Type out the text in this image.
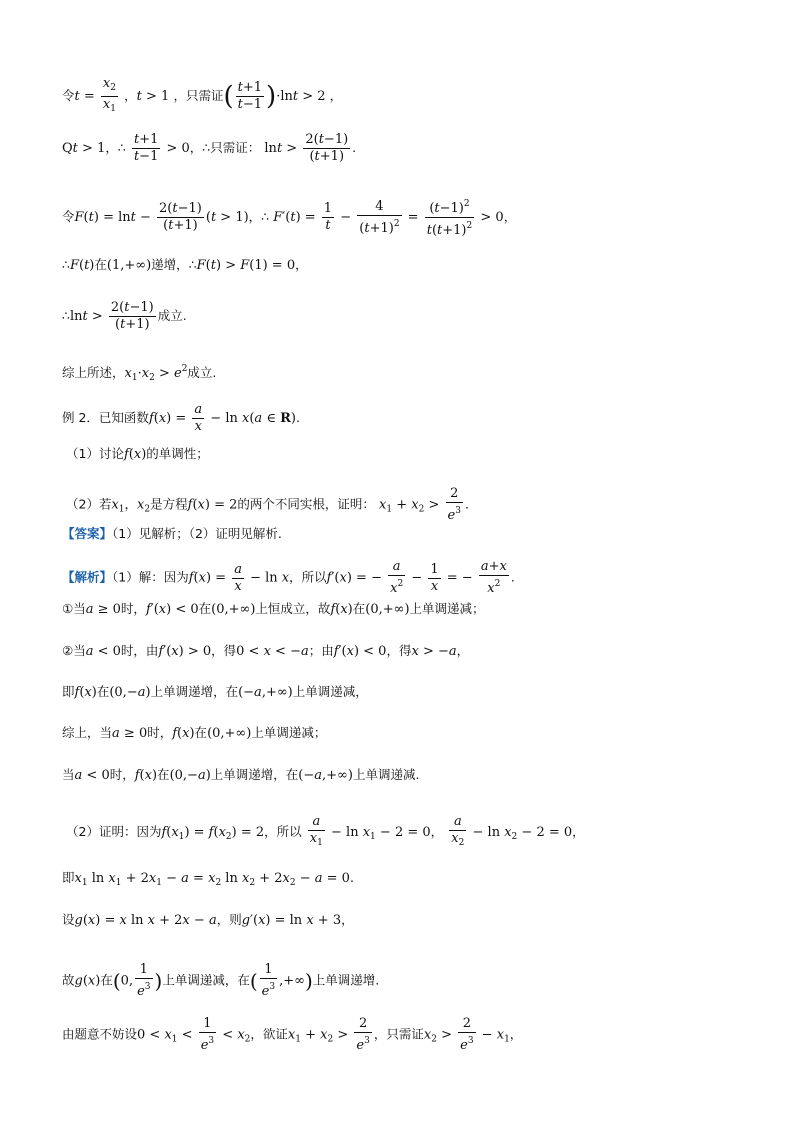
令$t = \frac{x_2}{x_1}$ ，t > 1 ，只需证( $\frac{t+1}{t-1} )\cdot\ln t > 2$ ，
Qt > 1，∴ $\frac{t+1}{t-1} > 0$，∴只需证： $\ln t > \frac{2(t-1)}{(t+1)}$ .
令$F(t) = \ln t - \frac{2(t-1)}{(t+1)} (t > 1)$，∴ $F'(t) = \frac{1}{t} - \frac{4}{(t+1)^2} = \frac{(t-1)^2}{t(t+1)^2} > 0$，
∴F(t)在(1,+∞)递增，∴F(t) > F(1) = 0，
∴lnt > $\frac{2(t-1)}{(t+1)}$ 成立.
综上所述，$x_1\cdot x_2 > e^2$成立.
例 2．已知函数$f(x) = \frac{a}{x} - \ln x(a$ ∈ R).
（1）讨论f(x)的单调性；
（2）若$x_1$，$x_2$是方程f(x) = 2的两个不同实根，证明： $x_1 + x_2 > \frac{2}{e^3}$ .
【答案】（1）见解析；（2）证明见解析.
【解析】（1）解：因为$f(x) = \frac{a}{x} - \ln x$，所以f′(x) = − $\frac{a}{x^2} - \frac{1}{x}$ = − $\frac{a+x}{x^2}$ .
①当a ≥ 0时，f′(x) < 0在(0,+∞)上恒成立，故f(x)在(0,+∞)上单调递减；
②当a < 0时，由f′(x) > 0，得0 < x < −a；由f′(x) < 0，得x > −a，
即f(x)在(0,−a)上单调递增，在(−a,+∞)上单调递减，
综上，当a ≥ 0时，f(x)在(0,+∞)上单调递减；
当a < 0时，f(x)在(0,−a)上单调递增，在(−a,+∞)上单调递减.
（2）证明：因为$f(x_1) = f(x_2) = 2$，所以 $\frac{a}{x_1} - \ln x_1 - 2 = 0$， $\frac{a}{x_2} - \ln x_2 - 2 = 0$，
即$x_1$ $\ln x_1 + 2x_1 - a = x_2$ $\ln x_2 + 2x_2 - a = 0$.
设g(x) = x ln x + 2x − a，则g′(x) = ln x + 3，
故g(x)在(0, $\frac{1}{e^3}$ )上单调递减，在( $\frac{1}{e^3}$ ,+∞)上单调递增.
由题意不妨设$0 < x_1 < \frac{1}{e^3} < x_2$，欲证$x_1 + x_2 > \frac{2}{e^3}$ ，只需证$x_2 > \frac{2}{e^3} - x_1$，
